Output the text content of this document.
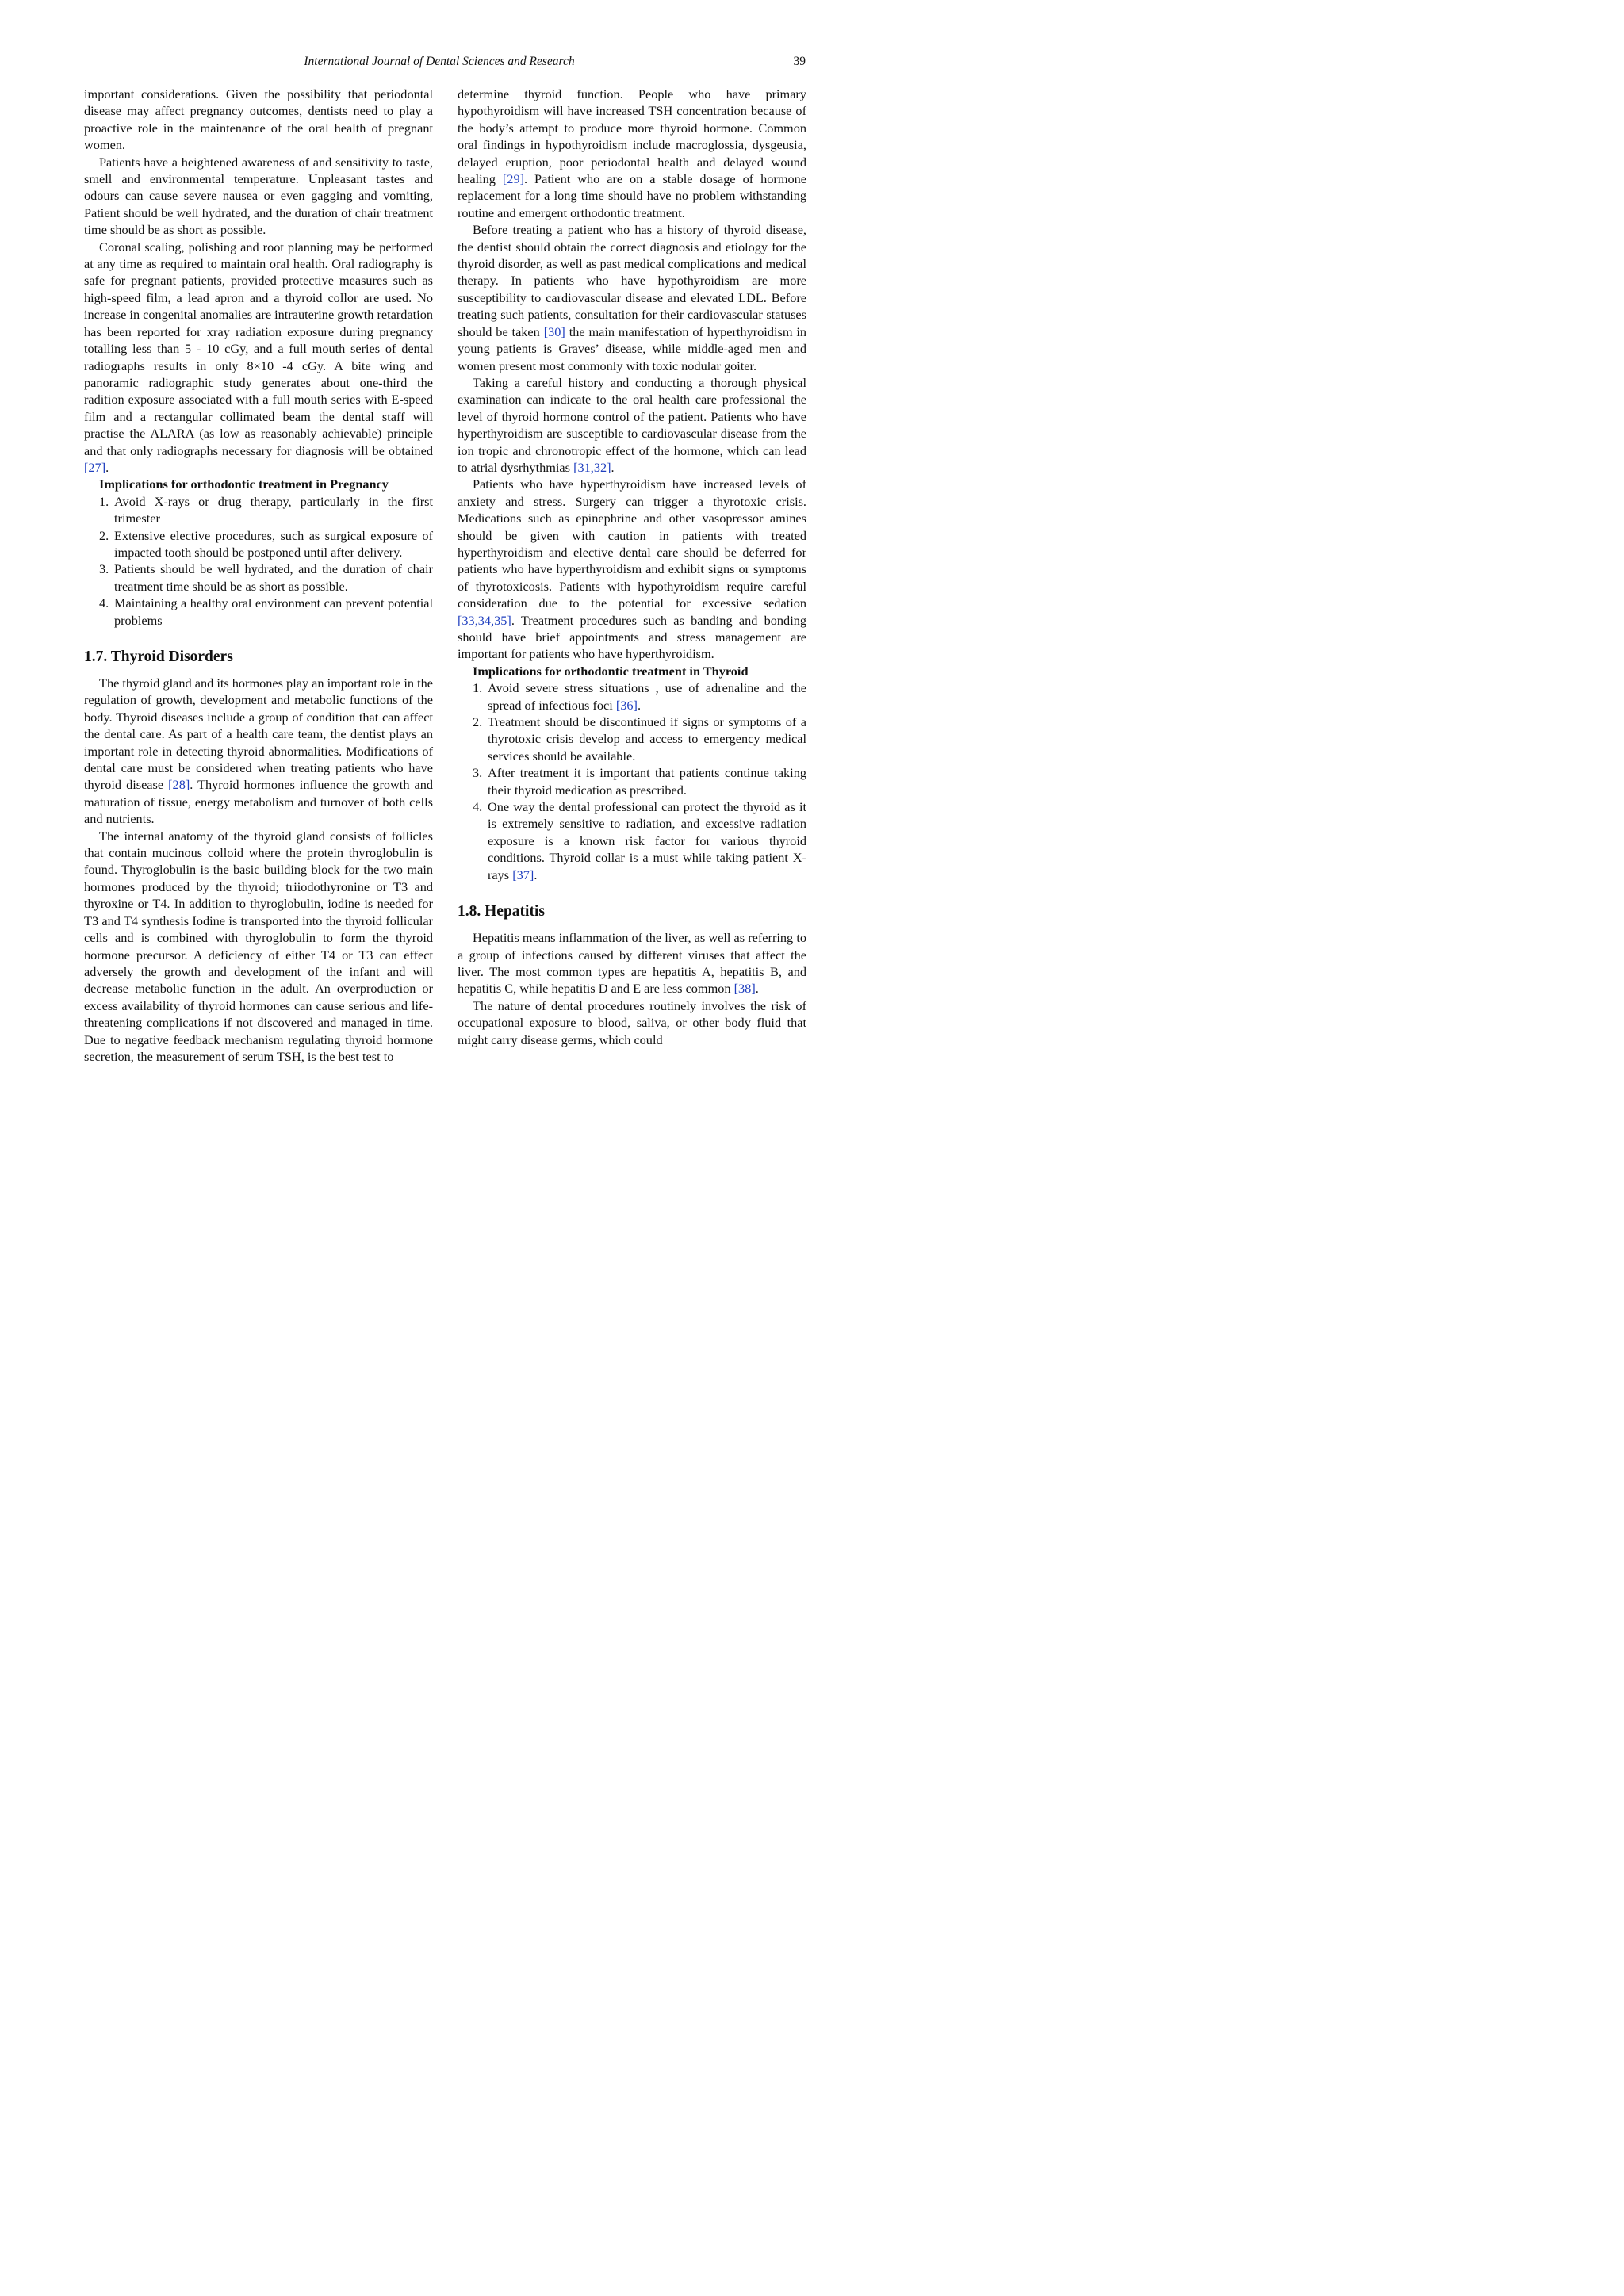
International Journal of Dental Sciences and Research	39

important considerations. Given the possibility that periodontal disease may affect pregnancy outcomes, dentists need to play a proactive role in the maintenance of the oral health of pregnant women.

Patients have a heightened awareness of and sensitivity to taste, smell and environmental temperature. Unpleasant tastes and odours can cause severe nausea or even gagging and vomiting, Patient should be well hydrated, and the duration of chair treatment time should be as short as possible.

Coronal scaling, polishing and root planning may be performed at any time as required to maintain oral health. Oral radiography is safe for pregnant patients, provided protective measures such as high-speed film, a lead apron and a thyroid collor are used. No increase in congenital anomalies are intrauterine growth retardation has been reported for xray radiation exposure during pregnancy totalling less than 5 - 10 cGy, and a full mouth series of dental radiographs results in only 8×10 -4 cGy. A bite wing and panoramic radiographic study generates about one-third the radition exposure associated with a full mouth series with E-speed film and a rectangular collimated beam the dental staff will practise the ALARA (as low as reasonably achievable) principle and that only radiographs necessary for diagnosis will be obtained [27].

Implications for orthodontic treatment in Pregnancy
1. Avoid X-rays or drug therapy, particularly in the first trimester
2. Extensive elective procedures, such as surgical exposure of impacted tooth should be postponed until after delivery.
3. Patients should be well hydrated, and the duration of chair treatment time should be as short as possible.
4. Maintaining a healthy oral environment can prevent potential problems
1.7. Thyroid Disorders

The thyroid gland and its hormones play an important role in the regulation of growth, development and metabolic functions of the body. Thyroid diseases include a group of condition that can affect the dental care. As part of a health care team, the dentist plays an important role in detecting thyroid abnormalities. Modifications of dental care must be considered when treating patients who have thyroid disease [28]. Thyroid hormones influence the growth and maturation of tissue, energy metabolism and turnover of both cells and nutrients.

The internal anatomy of the thyroid gland consists of follicles that contain mucinous colloid where the protein thyroglobulin is found. Thyroglobulin is the basic building block for the two main hormones produced by the thyroid; triiodothyronine or T3 and thyroxine or T4. In addition to thyroglobulin, iodine is needed for T3 and T4 synthesis Iodine is transported into the thyroid follicular cells and is combined with thyroglobulin to form the thyroid hormone precursor. A deficiency of either T4 or T3 can effect adversely the growth and development of the infant and will decrease metabolic function in the adult. An overproduction or excess availability of thyroid hormones can cause serious and life-threatening complications if not discovered and managed in time. Due to negative feedback mechanism regulating thyroid hormone secretion, the measurement of serum TSH, is the best test to

determine thyroid function. People who have primary hypothyroidism will have increased TSH concentration because of the body’s attempt to produce more thyroid hormone. Common oral findings in hypothyroidism include macroglossia, dysgeusia, delayed eruption, poor periodontal health and delayed wound healing [29]. Patient who are on a stable dosage of hormone replacement for a long time should have no problem withstanding routine and emergent orthodontic treatment.

Before treating a patient who has a history of thyroid disease, the dentist should obtain the correct diagnosis and etiology for the thyroid disorder, as well as past medical complications and medical therapy. In patients who have hypothyroidism are more susceptibility to cardiovascular disease and elevated LDL. Before treating such patients, consultation for their cardiovascular statuses should be taken [30] the main manifestation of hyperthyroidism in young patients is Graves’ disease, while middle-aged men and women present most commonly with toxic nodular goiter.

Taking a careful history and conducting a thorough physical examination can indicate to the oral health care professional the level of thyroid hormone control of the patient. Patients who have hyperthyroidism are susceptible to cardiovascular disease from the ion tropic and chronotropic effect of the hormone, which can lead to atrial dysrhythmias [31,32].

Patients who have hyperthyroidism have increased levels of anxiety and stress. Surgery can trigger a thyrotoxic crisis. Medications such as epinephrine and other vasopressor amines should be given with caution in patients with treated hyperthyroidism and elective dental care should be deferred for patients who have hyperthyroidism and exhibit signs or symptoms of thyrotoxicosis. Patients with hypothyroidism require careful consideration due to the potential for excessive sedation [33,34,35]. Treatment procedures such as banding and bonding should have brief appointments and stress management are important for patients who have hyperthyroidism.

Implications for orthodontic treatment in Thyroid
1. Avoid severe stress situations , use of adrenaline and the spread of infectious foci [36].
2. Treatment should be discontinued if signs or symptoms of a thyrotoxic crisis develop and access to emergency medical services should be available.
3. After treatment it is important that patients continue taking their thyroid medication as prescribed.
4. One way the dental professional can protect the thyroid as it is extremely sensitive to radiation, and excessive radiation exposure is a known risk factor for various thyroid conditions. Thyroid collar is a must while taking patient X-rays [37].
1.8. Hepatitis

Hepatitis means inflammation of the liver, as well as referring to a group of infections caused by different viruses that affect the liver. The most common types are hepatitis A, hepatitis B, and hepatitis C, while hepatitis D and E are less common [38].

The nature of dental procedures routinely involves the risk of occupational exposure to blood, saliva, or other body fluid that might carry disease germs, which could
